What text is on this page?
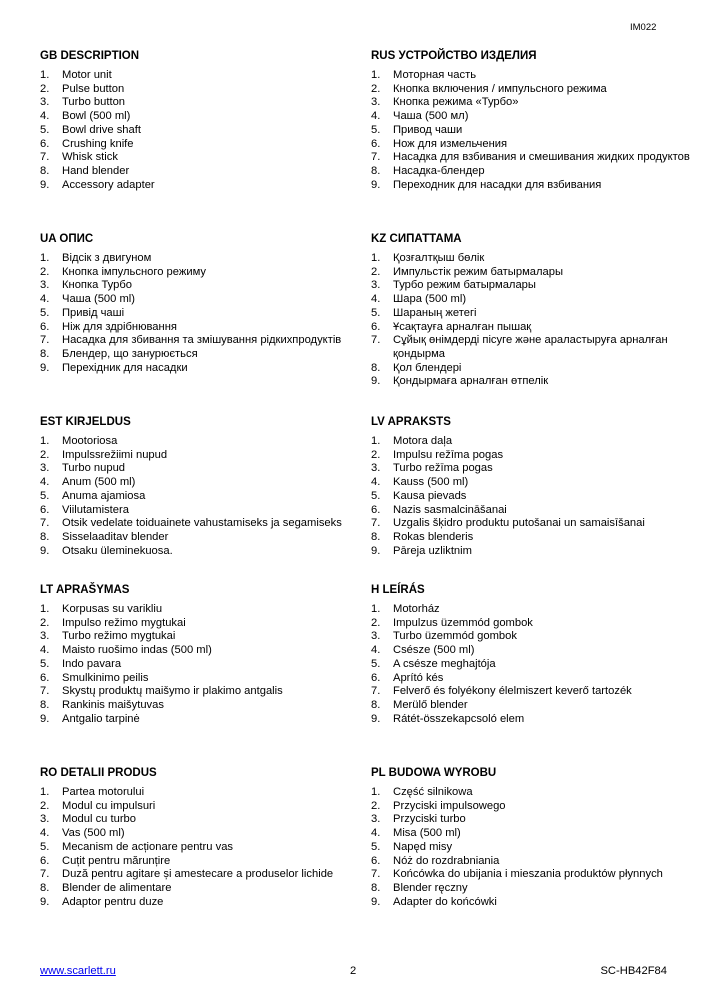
IM022
GB DESCRIPTION
1. Motor unit
2. Pulse button
3. Turbo button
4. Bowl (500 ml)
5. Bowl drive shaft
6. Crushing knife
7. Whisk stick
8. Hand blender
9. Accessory adapter
RUS УСТРОЙСТВО ИЗДЕЛИЯ
1. Моторная часть
2. Кнопка включения / импульсного режима
3. Кнопка режима «Турбо»
4. Чаша (500 мл)
5. Привод чаши
6. Нож для измельчения
7. Насадка для взбивания и смешивания жидких продуктов
8. Насадка-блендер
9. Переходник для насадки для взбивания
UA ОПИС
1. Відсік з двигуном
2. Кнопка імпульсного режиму
3. Кнопка Турбо
4. Чаша (500 ml)
5. Привід чаші
6. Ніж для здрібнювання
7. Насадка для збивання та змішування рідкихпродуктів
8. Блендер, що занурюється
9. Перехідник для насадки
KZ СИПАТТАМА
1. Қозғалтқыш бөлік
2. Импульстік режим батырмалары
3. Турбо режим батырмалары
4. Шара (500 ml)
5. Шараның жетегі
6. Ұсақтауға арналған пышақ
7. Сұйық өнімдерді пісуге және араластыруға арналған қондырма
8. Қол блендері
9. Қондырмаға арналған өтпелік
EST KIRJELDUS
1. Mootoriosa
2. Impulssrežiimi nupud
3. Turbo nupud
4. Anum (500 ml)
5. Anuma ajamiosa
6. Viilutamistera
7. Otsik vedelate toiduainete vahustamiseks ja segamiseks
8. Sisselaaditav blender
9. Otsaku üleminekuosa.
LV APRAKSTS
1. Motora daļa
2. Impulsu režīma pogas
3. Turbo režīma pogas
4. Kauss (500 ml)
5. Kausa pievads
6. Nazis sasmalcināšanai
7. Uzgalis šķidro produktu putošanai un samaisīšanai
8. Rokas blenderis
9. Pāreja uzliktnim
LT APRAŠYMAS
1. Korpusas su varikliu
2. Impulso režimo mygtukai
3. Turbo režimo mygtukai
4. Maisto ruošimo indas (500 ml)
5. Indo pavara
6. Smulkinimo peilis
7. Skystų produktų maišymo ir plakimo antgalis
8. Rankinis maišytuvas
9. Antgalio tarpinė
H LEÍRÁS
1. Motorház
2. Impulzus üzemmód gombok
3. Turbo üzemmód gombok
4. Csésze (500 ml)
5. A csésze meghajtója
6. Aprító kés
7. Felverő és folyékony élelmiszert keverő tartozék
8. Merülő blender
9. Rátét-összekapcsoló elem
RO DETALII PRODUS
1. Partea motorului
2. Modul cu impulsuri
3. Modul cu turbo
4. Vas (500 ml)
5. Mecanism de acționare pentru vas
6. Cuțit pentru mărunțire
7. Duză pentru agitare și amestecare a produselor lichide
8. Blender de alimentare
9. Adaptor pentru duze
PL BUDOWA WYROBU
1. Część silnikowa
2. Przyciski impulsowego
3. Przyciski turbo
4. Misa (500 ml)
5. Napęd misy
6. Nóż do rozdrabniania
7. Końcówka do ubijania i mieszania produktów płynnych
8. Blender ręczny
9. Adapter do końcówki
www.scarlett.ru	2	SC-HB42F84
